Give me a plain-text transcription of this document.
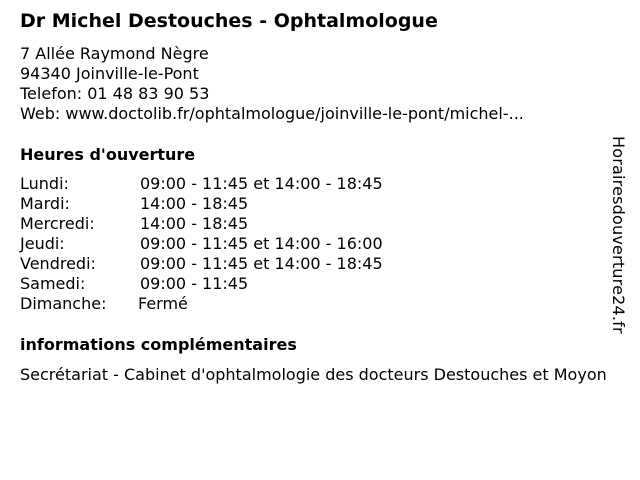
Dr Michel Destouches - Ophtalmologue
7 Allée Raymond Nègre
94340 Joinville-le-Pont
Telefon: 01 48 83 90 53
Web: www.doctolib.fr/ophtalmologue/joinville-le-pont/michel-...
Heures d'ouverture
Lundi:	09:00 - 11:45 et 14:00 - 18:45
Mardi:	14:00 - 18:45
Mercredi:	14:00 - 18:45
Jeudi:	09:00 - 11:45 et 14:00 - 16:00
Vendredi:	09:00 - 11:45 et 14:00 - 18:45
Samedi:	09:00 - 11:45
Dimanche:	Fermé
informations complémentaires
Secrétariat - Cabinet d'ophtalmologie des docteurs Destouches et Moyon
Horairesdouverture24.fr
